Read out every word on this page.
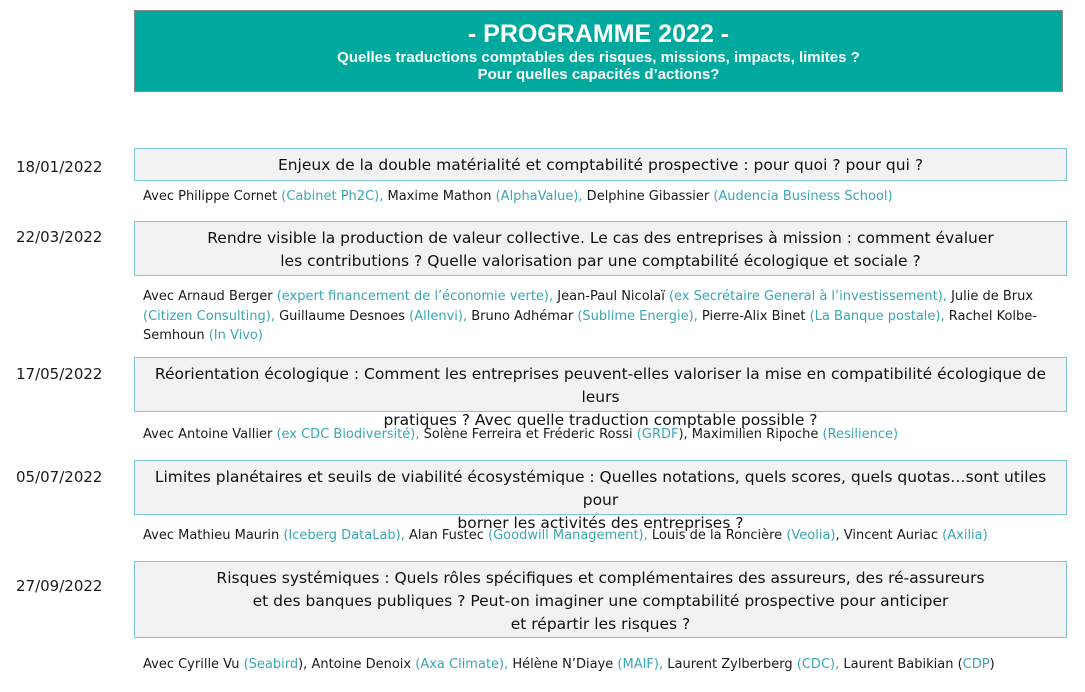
- PROGRAMME 2022 -
Quelles traductions comptables des risques, missions, impacts, limites ?
Pour quelles capacités d’actions?
18/01/2022	Enjeux de la double matérialité et comptabilité prospective : pour quoi ? pour qui ?
Avec Philippe Cornet (Cabinet Ph2C), Maxime Mathon (AlphaValue), Delphine Gibassier (Audencia Business School)
22/03/2022	Rendre visible la production de valeur collective. Le cas des entreprises à mission : comment évaluer
les contributions ? Quelle valorisation par une comptabilité écologique et sociale ?
Avec Arnaud Berger (expert financement de l’économie verte), Jean-Paul Nicolaï (ex Secrétaire General à l’investissement), Julie de Brux (Citizen Consulting), Guillaume Desnoes (Allenvi), Bruno Adhémar (Sublime Energie), Pierre-Alix Binet (La Banque postale), Rachel Kolbe-Semhoun (In Vivo)
17/05/2022	Réorientation écologique : Comment les entreprises peuvent-elles valoriser la mise en compatibilité écologique de leurs
pratiques ? Avec quelle traduction comptable possible ?
Avec Antoine Vallier (ex CDC Biodiversité), Solène Ferreira et Fréderic Rossi (GRDF), Maximilien Ripoche (Resilience)
05/07/2022	Limites planétaires et seuils de viabilité écosystémique : Quelles notations, quels scores, quels quotas…sont utiles pour
borner les activités des entreprises ?
Avec Mathieu Maurin (Iceberg DataLab), Alan Fustec (Goodwill Management), Louis de la Roncière (Veolia), Vincent Auriac (Axilia)
27/09/2022	Risques systémiques : Quels rôles spécifiques et complémentaires des assureurs, des ré-assureurs
et des banques publiques ? Peut-on imaginer une comptabilité prospective pour anticiper
et répartir les risques ?
Avec Cyrille Vu (Seabird), Antoine Denoix (Axa Climate), Hélène N’Diaye (MAIF), Laurent Zylberberg (CDC), Laurent Babikian (CDP)
